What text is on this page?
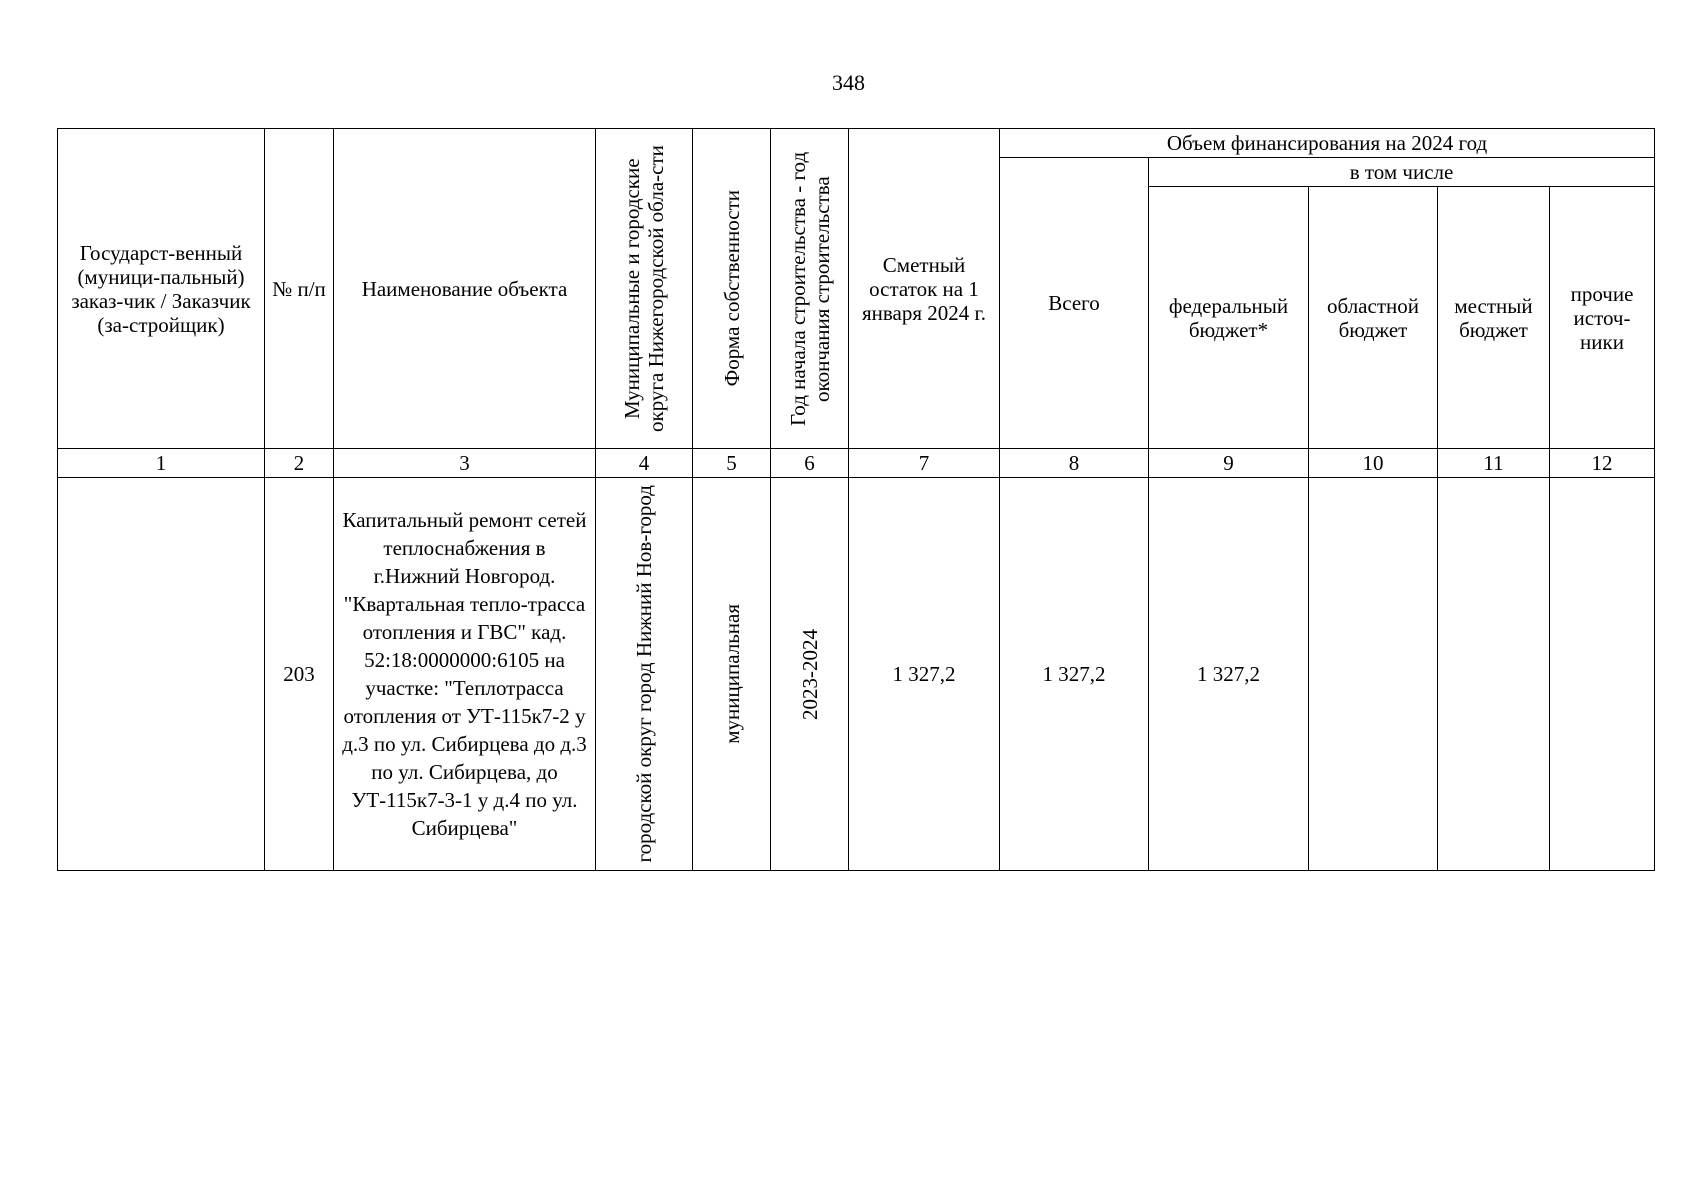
348
Государст-венный (муници-пальный) заказ-чик / Заказчик (за-стройщик)	№ п/п	Наименование объекта	Муниципальные и городские округа Нижегородской обла-сти	Форма собственности	Год начала строительства - год окончания строительства	Сметный остаток на 1 января 2024 г.	Объем финансирования на 2024 год				
							Всего	в том числе			
								федеральный бюджет*	областной бюджет	местный бюджет	прочие источ-ники
1	2	3	4	5	6	7	8	9	10	11	12
	203	Капитальный ремонт сетей теплоснабжения в г.Нижний Новгород. "Квартальная тепло-трасса отопления и ГВС" кад. 52:18:0000000:6105 на участке: "Теплотрасса отопления от УТ-115к7-2 у д.3 по ул. Сибирцева до д.3 по ул. Сибирцева, до УТ-115к7-3-1 у д.4 по ул. Сибирцева"	городской округ город Нижний Нов-город	муниципальная	2023-2024	1 327,2	1 327,2	1 327,2			
